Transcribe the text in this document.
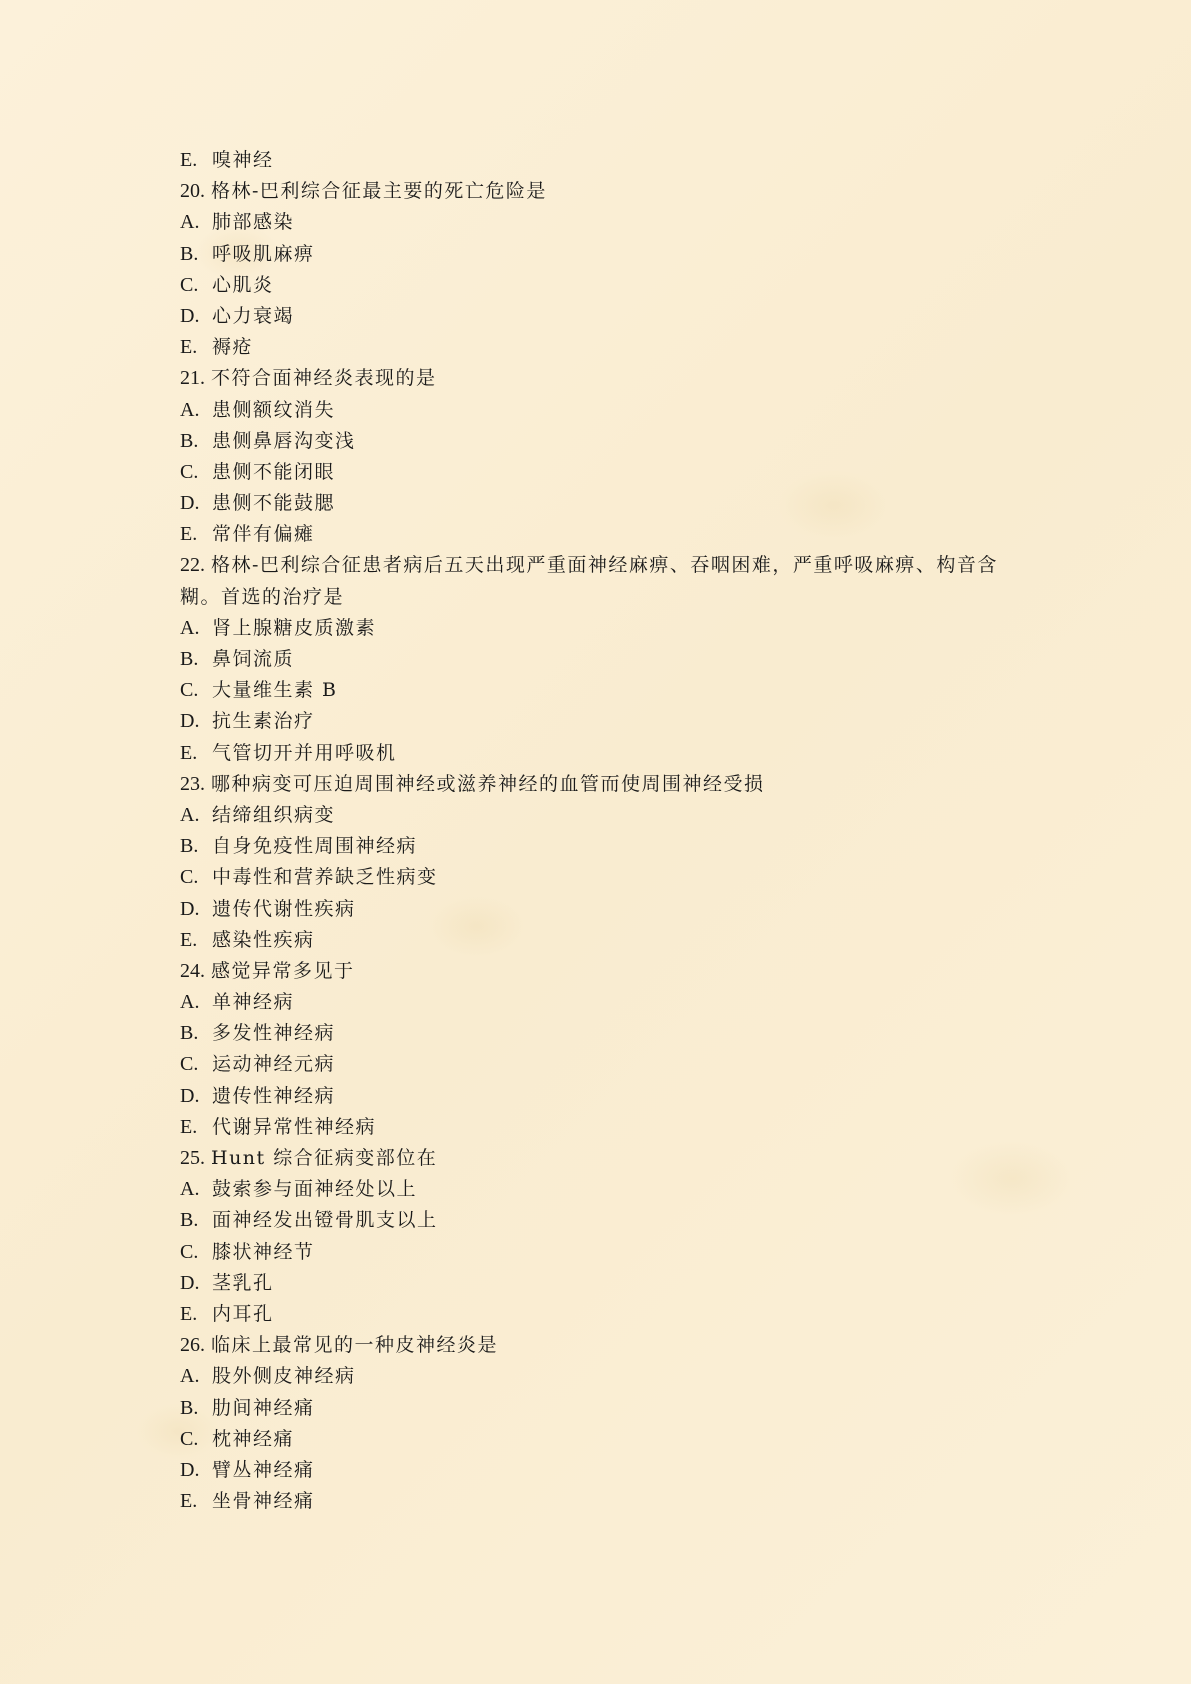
E. 嗅神经
20. 格林-巴利综合征最主要的死亡危险是
A. 肺部感染
B. 呼吸肌麻痹
C. 心肌炎
D. 心力衰竭
E. 褥疮
21. 不符合面神经炎表现的是
A. 患侧额纹消失
B. 患侧鼻唇沟变浅
C. 患侧不能闭眼
D. 患侧不能鼓腮
E. 常伴有偏瘫
22. 格林-巴利综合征患者病后五天出现严重面神经麻痹、吞咽困难，严重呼吸麻痹、构音含糊。首选的治疗是
A. 肾上腺糖皮质激素
B. 鼻饲流质
C. 大量维生素 B
D. 抗生素治疗
E. 气管切开并用呼吸机
23. 哪种病变可压迫周围神经或滋养神经的血管而使周围神经受损
A. 结缔组织病变
B. 自身免疫性周围神经病
C. 中毒性和营养缺乏性病变
D. 遗传代谢性疾病
E. 感染性疾病
24. 感觉异常多见于
A. 单神经病
B. 多发性神经病
C. 运动神经元病
D. 遗传性神经病
E. 代谢异常性神经病
25. Hunt 综合征病变部位在
A. 鼓索参与面神经处以上
B. 面神经发出镫骨肌支以上
C. 膝状神经节
D. 茎乳孔
E. 内耳孔
26. 临床上最常见的一种皮神经炎是
A. 股外侧皮神经病
B. 肋间神经痛
C. 枕神经痛
D. 臂丛神经痛
E. 坐骨神经痛
